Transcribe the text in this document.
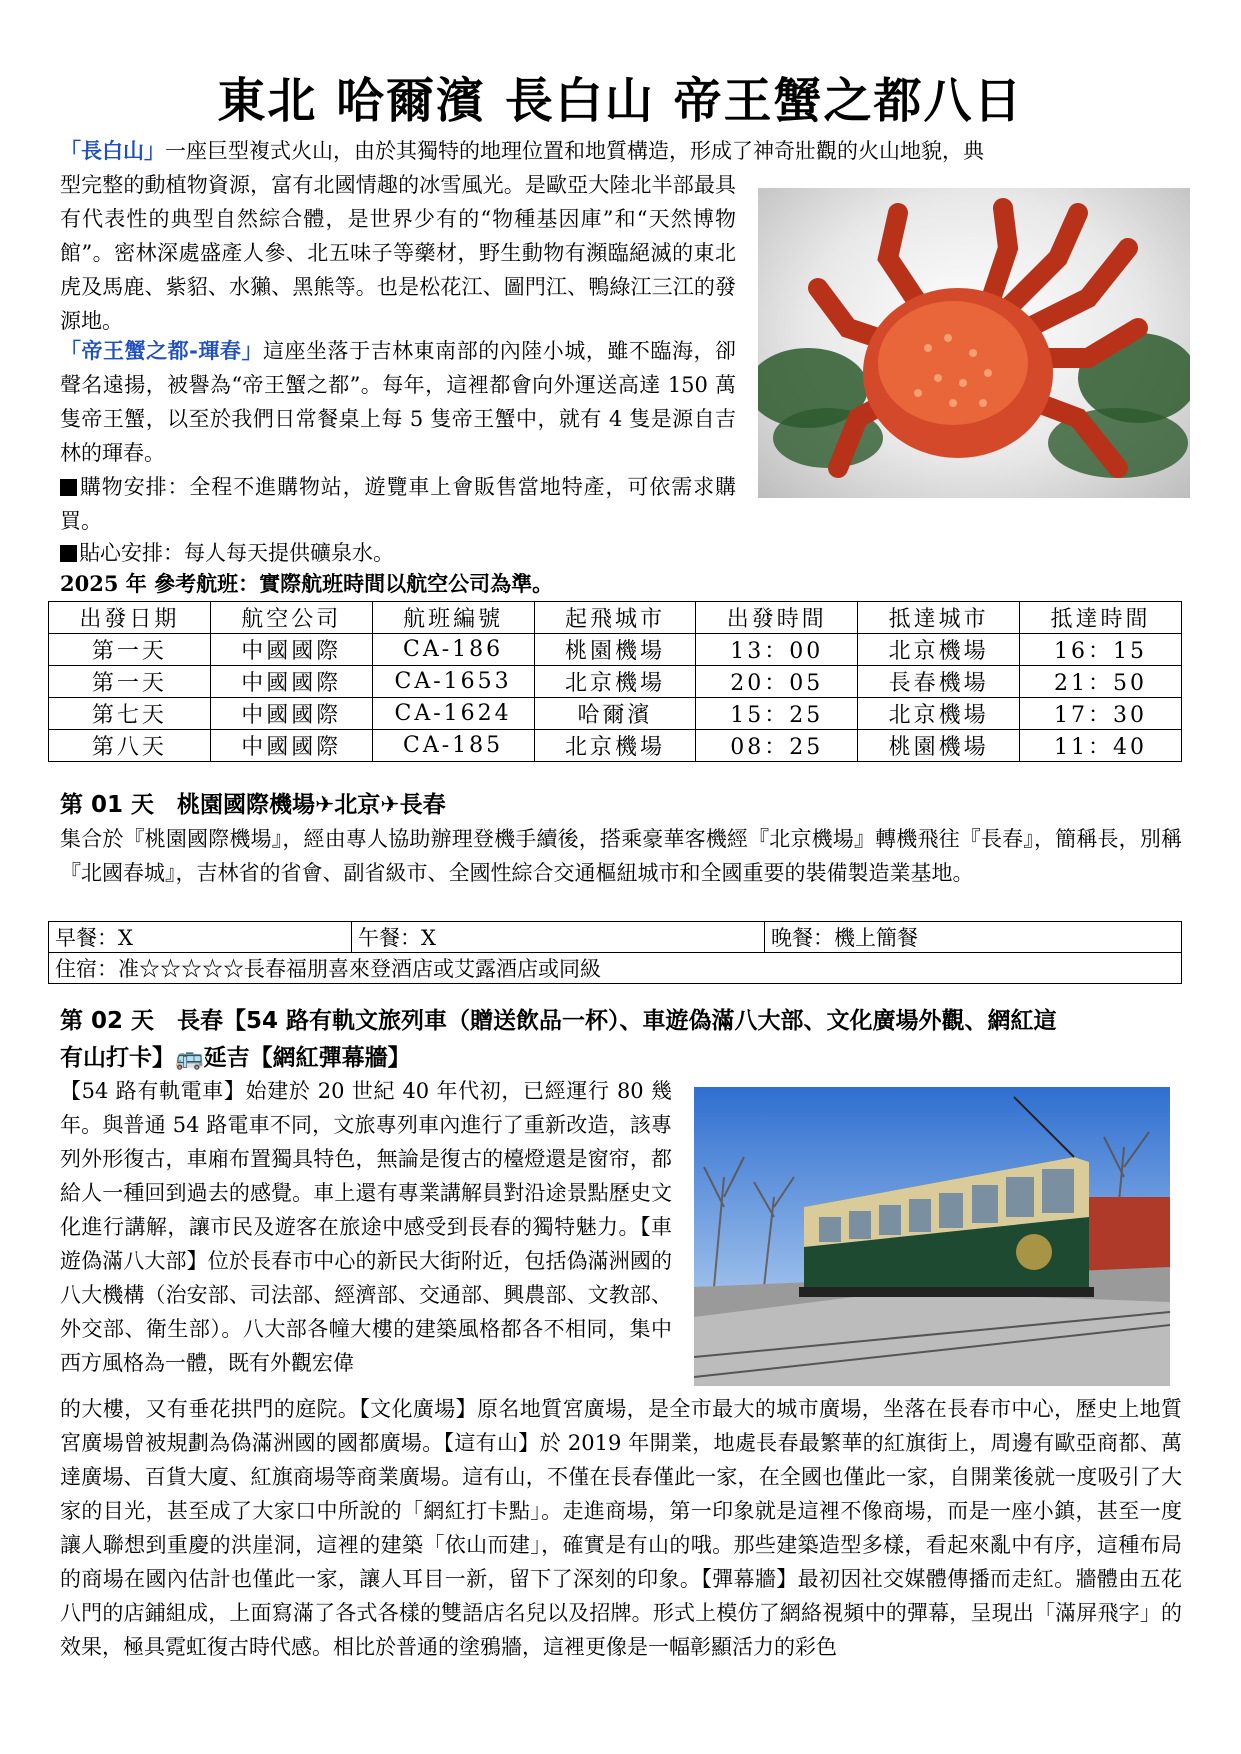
東北 哈爾濱 長白山 帝王蟹之都八日

「長白山」一座巨型複式火山，由於其獨特的地理位置和地質構造，形成了神奇壯觀的火山地貌，典

型完整的動植物資源，富有北國情趣的冰雪風光。是歐亞大陸北半部最具有代表性的典型自然綜合體，是世界少有的“物種基因庫”和“天然博物館”。密林深處盛產人參、北五味子等藥材，野生動物有瀕臨絕滅的東北虎及馬鹿、紫貂、水獺、黑熊等。也是松花江、圖門江、鴨綠江三江的發源地。

「帝王蟹之都-琿春」這座坐落于吉林東南部的內陸小城，雖不臨海，卻聲名遠揚，被譽為“帝王蟹之都”。每年，這裡都會向外運送高達 150 萬隻帝王蟹，以至於我們日常餐桌上每 5 隻帝王蟹中，就有 4 隻是源自吉林的琿春。

購物安排：全程不進購物站，遊覽車上會販售當地特產，可依需求購買。

貼心安排：每人每天提供礦泉水。

2025 年 參考航班：實際航班時間以航空公司為準。
出發日期	航空公司	航班編號	起飛城市	出發時間	抵達城市	抵達時間
第一天	中國國際	CA-186	桃園機場	13：00	北京機場	16：15
第一天	中國國際	CA-1653	北京機場	20：05	長春機場	21：50
第七天	中國國際	CA-1624	哈爾濱	15：25	北京機場	17：30
第八天	中國國際	CA-185	北京機場	08：25	桃園機場	11：40
第 01 天　桃園國際機場✈北京✈長春

集合於『桃園國際機場』，經由專人協助辦理登機手續後，搭乘豪華客機經『北京機場』轉機飛往『長春』，簡稱長，別稱『北國春城』，吉林省的省會、副省級市、全國性綜合交通樞紐城市和全國重要的裝備製造業基地。

早餐：X	午餐：X	晚餐：機上簡餐
住宿：准☆☆☆☆☆長春福朋喜來登酒店或艾露酒店或同級
第 02 天　長春【54 路有軌文旅列車（贈送飲品一杯）、車遊偽滿八大部、文化廣場外觀、網紅這
有山打卡】🚌延吉【網紅彈幕牆】

【54 路有軌電車】始建於 20 世紀 40 年代初，已經運行 80 幾年。與普通 54 路電車不同，文旅專列車內進行了重新改造，該專列外形復古，車廂布置獨具特色，無論是復古的檯燈還是窗帘，都給人一種回到過去的感覺。車上還有專業講解員對沿途景點歷史文化進行講解，讓市民及遊客在旅途中感受到長春的獨特魅力。【車遊偽滿八大部】位於長春市中心的新民大街附近，包括偽滿洲國的八大機構（治安部、司法部、經濟部、交通部、興農部、文教部、外交部、衛生部）。八大部各幢大樓的建築風格都各不相同，集中西方風格為一體，既有外觀宏偉

的大樓，又有垂花拱門的庭院。【文化廣場】原名地質宮廣場，是全市最大的城市廣場，坐落在長春市中心，歷史上地質宮廣場曾被規劃為偽滿洲國的國都廣場。【這有山】於 2019 年開業，地處長春最繁華的紅旗街上，周邊有歐亞商都、萬達廣場、百貨大廈、紅旗商場等商業廣場。這有山，不僅在長春僅此一家，在全國也僅此一家，自開業後就一度吸引了大家的目光，甚至成了大家口中所說的「網紅打卡點」。走進商場，第一印象就是這裡不像商場，而是一座小鎮，甚至一度讓人聯想到重慶的洪崖洞，這裡的建築「依山而建」，確實是有山的哦。那些建築造型多樣，看起來亂中有序，這種布局的商場在國內估計也僅此一家，讓人耳目一新，留下了深刻的印象。【彈幕牆】最初因社交媒體傳播而走紅。牆體由五花八門的店鋪組成，上面寫滿了各式各樣的雙語店名兒以及招牌。形式上模仿了網絡視頻中的彈幕，呈現出「滿屏飛字」的效果，極具霓虹復古時代感。相比於普通的塗鴉牆，這裡更像是一幅彰顯活力的彩色
